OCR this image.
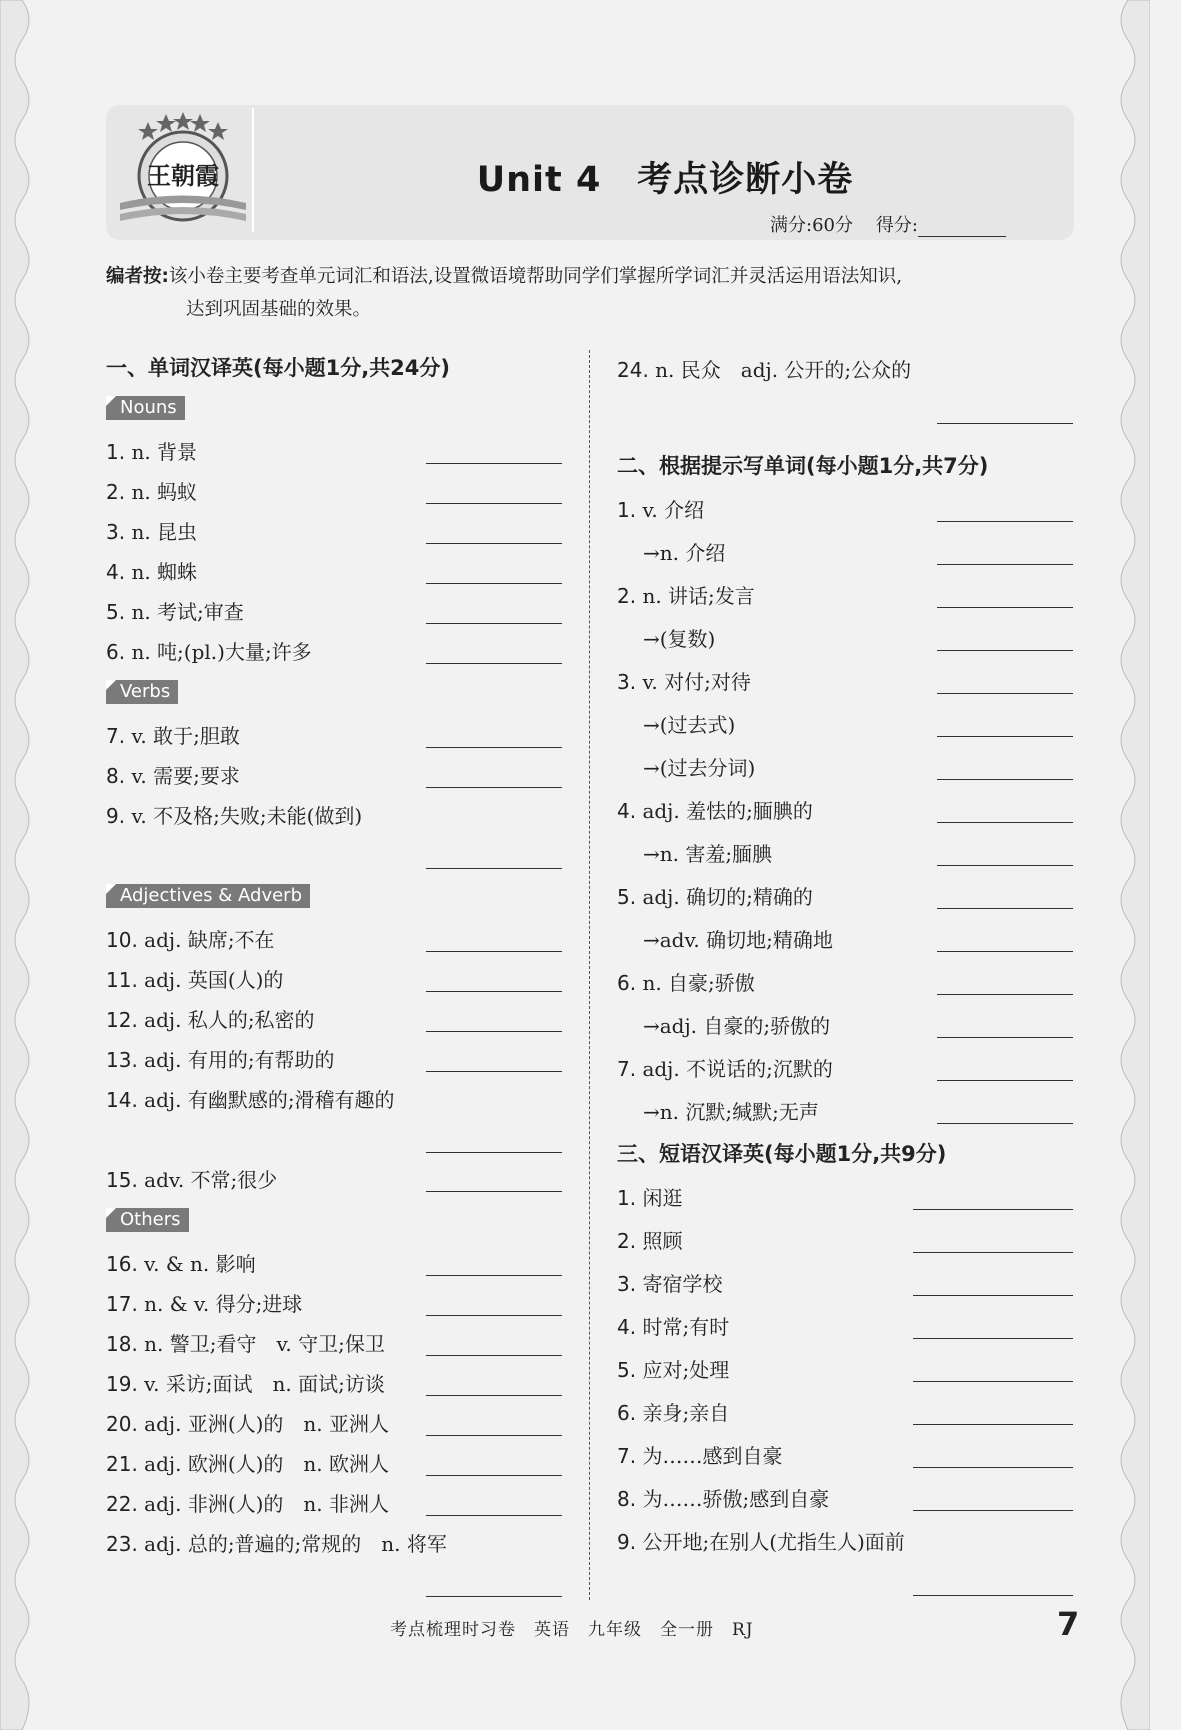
王朝霞	Unit 4　考点诊断小卷
满分:60分 得分:
编者按:该小卷主要考查单元词汇和语法,设置微语境帮助同学们掌握所学词汇并灵活运用语法知识,
达到巩固基础的效果。
一、单词汉译英(每小题1分,共24分)
Nouns
1. n. 背景
2. n. 蚂蚁
3. n. 昆虫
4. n. 蜘蛛
5. n. 考试;审查
6. n. 吨;(pl.)大量;许多
Verbs
7. v. 敢于;胆敢
8. v. 需要;要求
9. v. 不及格;失败;未能(做到)
Adjectives & Adverb
10. adj. 缺席;不在
11. adj. 英国(人)的
12. adj. 私人的;私密的
13. adj. 有用的;有帮助的
14. adj. 有幽默感的;滑稽有趣的
15. adv. 不常;很少
Others
16. v. & n. 影响
17. n. & v. 得分;进球
18. n. 警卫;看守　v. 守卫;保卫
19. v. 采访;面试　n. 面试;访谈
20. adj. 亚洲(人)的　n. 亚洲人
21. adj. 欧洲(人)的　n. 欧洲人
22. adj. 非洲(人)的　n. 非洲人
23. adj. 总的;普遍的;常规的　n. 将军
24. n. 民众　adj. 公开的;公众的
二、根据提示写单词(每小题1分,共7分)
1. v. 介绍
→n. 介绍
2. n. 讲话;发言
→(复数)
3. v. 对付;对待
→(过去式)
→(过去分词)
4. adj. 羞怯的;腼腆的
→n. 害羞;腼腆
5. adj. 确切的;精确的
→adv. 确切地;精确地
6. n. 自豪;骄傲
→adj. 自豪的;骄傲的
7. adj. 不说话的;沉默的
→n. 沉默;缄默;无声
三、短语汉译英(每小题1分,共9分)
1. 闲逛
2. 照顾
3. 寄宿学校
4. 时常;有时
5. 应对;处理
6. 亲身;亲自
7. 为……感到自豪
8. 为……骄傲;感到自豪
9. 公开地;在别人(尤指生人)面前
考点梳理时习卷　英语　九年级　全一册　RJ	7
